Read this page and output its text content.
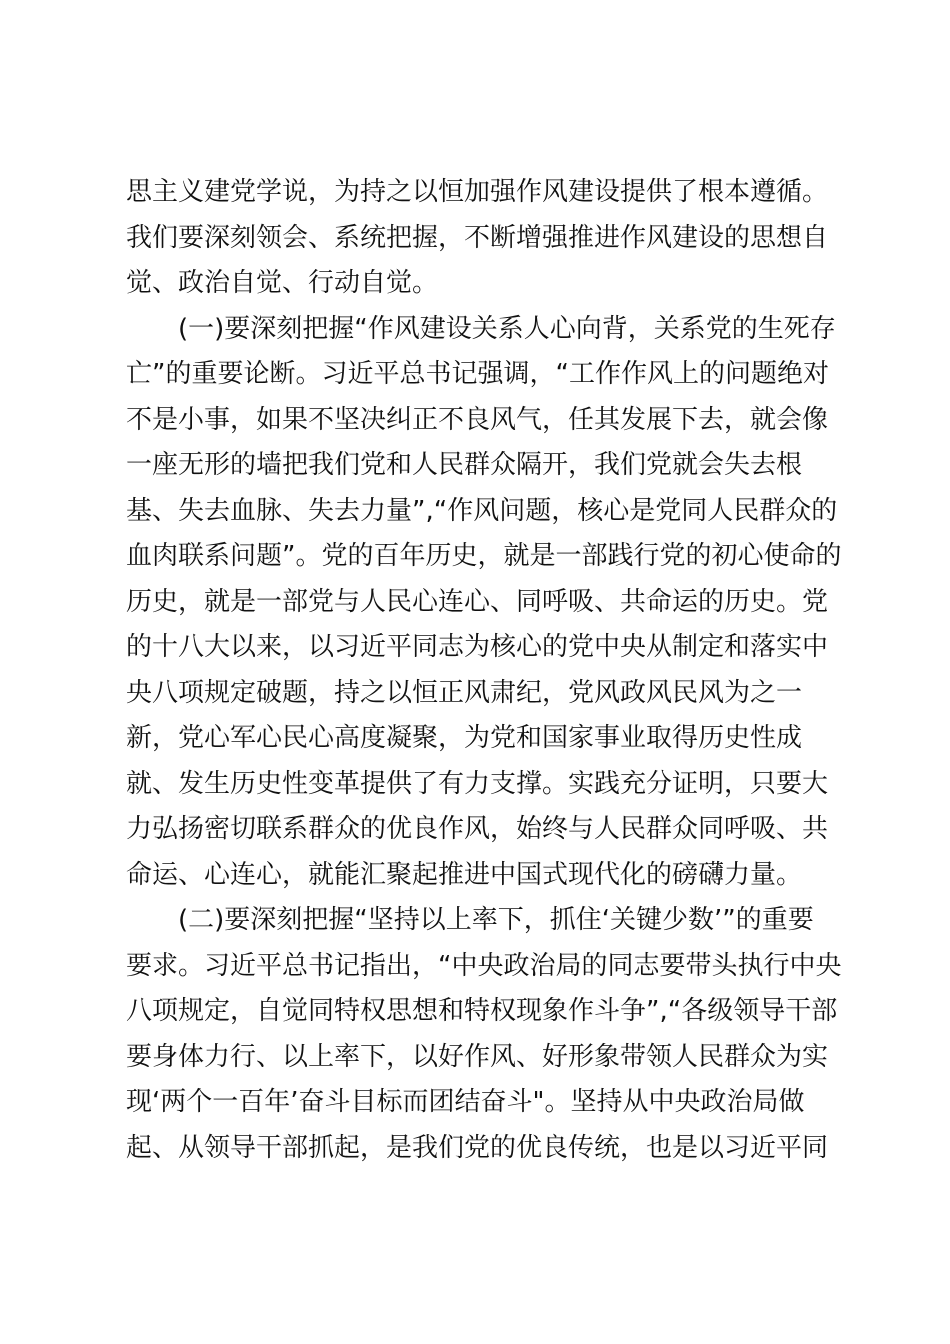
思主义建党学说，为持之以恒加强作风建设提供了根本遵循。
我们要深刻领会、系统把握，不断增强推进作风建设的思想自
觉、政治自觉、行动自觉。
(一)要深刻把握“作风建设关系人心向背，关系党的生死存
亡”的重要论断。习近平总书记强调，“工作作风上的问题绝对
不是小事，如果不坚决纠正不良风气，任其发展下去，就会像
一座无形的墙把我们党和人民群众隔开，我们党就会失去根
基、失去血脉、失去力量”,“作风问题，核心是党同人民群众的
血肉联系问题”。党的百年历史，就是一部践行党的初心使命的
历史，就是一部党与人民心连心、同呼吸、共命运的历史。党
的十八大以来，以习近平同志为核心的党中央从制定和落实中
央八项规定破题，持之以恒正风肃纪，党风政风民风为之一
新，党心军心民心高度凝聚，为党和国家事业取得历史性成
就、发生历史性变革提供了有力支撑。实践充分证明，只要大
力弘扬密切联系群众的优良作风，始终与人民群众同呼吸、共
命运、心连心，就能汇聚起推进中国式现代化的磅礴力量。
(二)要深刻把握“坚持以上率下，抓住‘关键少数’”的重要
要求。习近平总书记指出，“中央政治局的同志要带头执行中央
八项规定，自觉同特权思想和特权现象作斗争”,“各级领导干部
要身体力行、以上率下，以好作风、好形象带领人民群众为实
现‘两个一百年’奋斗目标而团结奋斗"。坚持从中央政治局做
起、从领导干部抓起，是我们党的优良传统，也是以习近平同
